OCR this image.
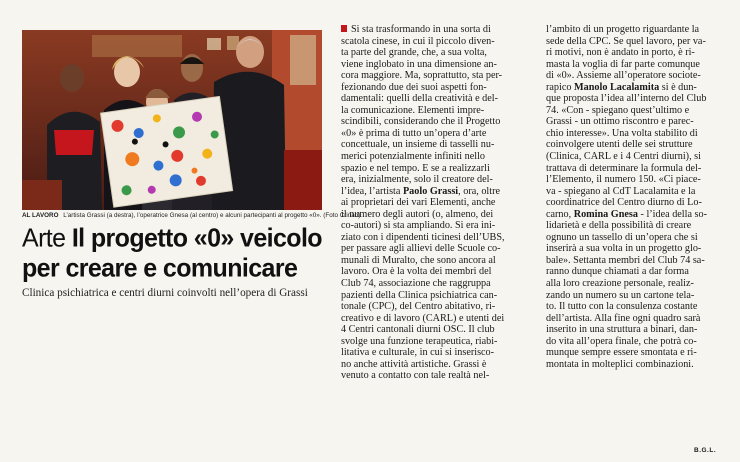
AL LAVORO L’artista Grassi (a destra), l’operatrice Gnesa (al centro) e alcuni partecipanti al progetto «0». (Foto Crinari)
Arte Il progetto «0» veicolo
per creare e comunicare
Clinica psichiatrica e centri diurni coinvolti nell’opera di Grassi
Si sta trasformando in una sorta di
scatola cinese, in cui il piccolo diven-
ta parte del grande, che, a sua volta,
viene inglobato in una dimensione an-
cora maggiore. Ma, soprattutto, sta per-
fezionando due dei suoi aspetti fon-
damentali: quelli della creatività e del-
la comunicazione. Elementi impre-
scindibili, considerando che il Progetto
«0» è prima di tutto un’opera d’arte
concettuale, un insieme di tasselli nu-
merici potenzialmente infiniti nello
spazio e nel tempo. E se a realizzarli
era, inizialmente, solo il creatore del-
l’idea, l’artista Paolo Grassi, ora, oltre
ai proprietari dei vari Elementi, anche
il numero degli autori (o, almeno, dei
co-autori) si sta ampliando. Si era ini-
ziato con i dipendenti ticinesi dell’UBS,
per passare agli allievi delle Scuole co-
munali di Muralto, che sono ancora al
lavoro. Ora è la volta dei membri del
Club 74, associazione che raggruppa
pazienti della Clinica psichiatrica can-
tonale (CPC), del Centro abitativo, ri-
creativo e di lavoro (CARL) e utenti dei
4 Centri cantonali diurni OSC. Il club
svolge una funzione terapeutica, riabi-
litativa e culturale, in cui si inserisco-
no anche attività artistiche. Grassi è
venuto a contatto con tale realtà nel-
l’ambito di un progetto riguardante la
sede della CPC. Se quel lavoro, per va-
ri motivi, non è andato in porto, è ri-
masta la voglia di far parte comunque
di «0». Assieme all’operatore sociote-
rapico Manolo Lacalamita si è dun-
que proposta l’idea all’interno del Club
74. «Con - spiegano quest’ultimo e
Grassi - un ottimo riscontro e parec-
chio interesse». Una volta stabilito di
coinvolgere utenti delle sei strutture
(Clinica, CARL e i 4 Centri diurni), si
trattava di determinare la formula del-
l’Elemento, il numero 150. «Ci piace-
va - spiegano al CdT Lacalamita e la
coordinatrice del Centro diurno di Lo-
carno, Romina Gnesa - l’idea della so-
lidarietà e della possibilità di creare
ognuno un tassello di un’opera che si
inserirà a sua volta in un progetto glo-
bale». Settanta membri del Club 74 sa-
ranno dunque chiamati a dar forma
alla loro creazione personale, realiz-
zando un numero su un cartone tela-
to. Il tutto con la consulenza costante
dell’artista. Alla fine ogni quadro sarà
inserito in una struttura a binari, dan-
do vita all’opera finale, che potrà co-
munque sempre essere smontata e ri-
montata in molteplici combinazioni.
B.G.L.
